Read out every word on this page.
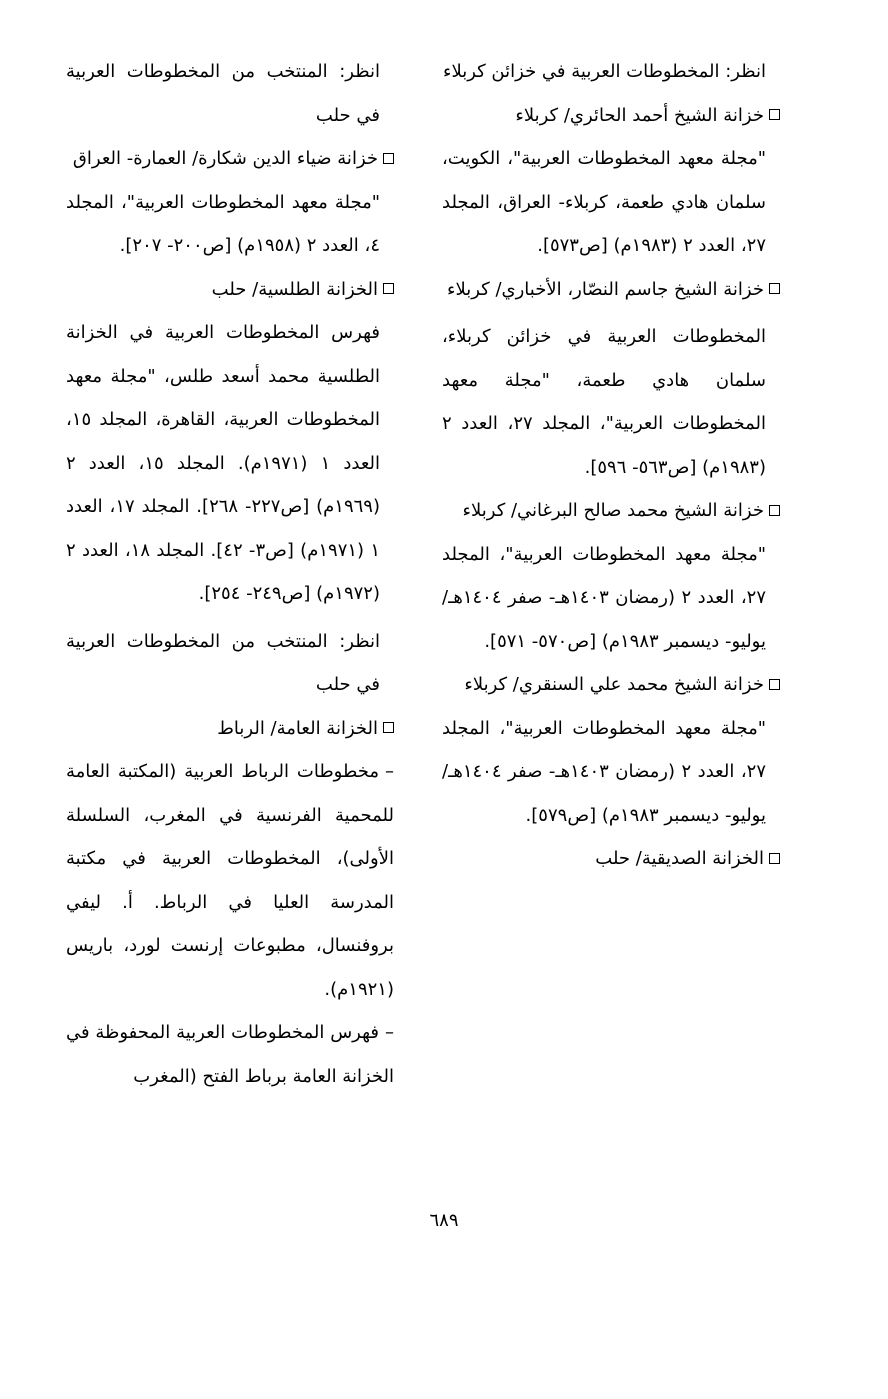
انظر: المخطوطات العربية في خزائن كربلاء
خزانة الشيخ أحمد الحائري/ كربلاء
"مجلة معهد المخطوطات العربية"، الكويت، سلمان هادي طعمة، كربلاء- العراق، المجلد ٢٧، العدد ٢ (١٩٨٣م) [ص٥٧٣].
خزانة الشيخ جاسم النصّار، الأخباري/ كربلاء
المخطوطات العربية في خزائن كربلاء، سلمان هادي طعمة، "مجلة معهد المخطوطات العربية"، المجلد ٢٧، العدد ٢ (١٩٨٣م) [ص٥٦٣- ٥٩٦].
خزانة الشيخ محمد صالح البرغاني/ كربلاء
"مجلة معهد المخطوطات العربية"، المجلد ٢٧، العدد ٢ (رمضان ١٤٠٣هـ- صفر ١٤٠٤هـ/ يوليو- ديسمبر ١٩٨٣م) [ص٥٧٠- ٥٧١].
خزانة الشيخ محمد علي السنقري/ كربلاء
"مجلة معهد المخطوطات العربية"، المجلد ٢٧، العدد ٢ (رمضان ١٤٠٣هـ- صفر ١٤٠٤هـ/ يوليو- ديسمبر ١٩٨٣م) [ص٥٧٩].
الخزانة الصديقية/ حلب
انظر: المنتخب من المخطوطات العربية في حلب
خزانة ضياء الدين شكارة/ العمارة- العراق
"مجلة معهد المخطوطات العربية"، المجلد ٤، العدد ٢ (١٩٥٨م) [ص٢٠٠- ٢٠٧].
الخزانة الطلسية/ حلب
فهرس المخطوطات العربية في الخزانة الطلسية محمد أسعد طلس، "مجلة معهد المخطوطات العربية، القاهرة، المجلد ١٥، العدد ١ (١٩٧١م). المجلد ١٥، العدد ٢ (١٩٦٩م) [ص٢٢٧- ٢٦٨]. المجلد ١٧، العدد ١ (١٩٧١م) [ص٣- ٤٢]. المجلد ١٨، العدد ٢ (١٩٧٢م) [ص٢٤٩- ٢٥٤].
انظر: المنتخب من المخطوطات العربية في حلب
الخزانة العامة/ الرباط
–مخطوطات الرباط العربية (المكتبة العامة للمحمية الفرنسية في المغرب، السلسلة الأولى)، المخطوطات العربية في مكتبة المدرسة العليا في الرباط. أ. ليفي بروفنسال، مطبوعات إرنست لورد، باريس (١٩٢١م).
–فهرس المخطوطات العربية المحفوظة في الخزانة العامة برباط الفتح (المغرب
٦٨٩
